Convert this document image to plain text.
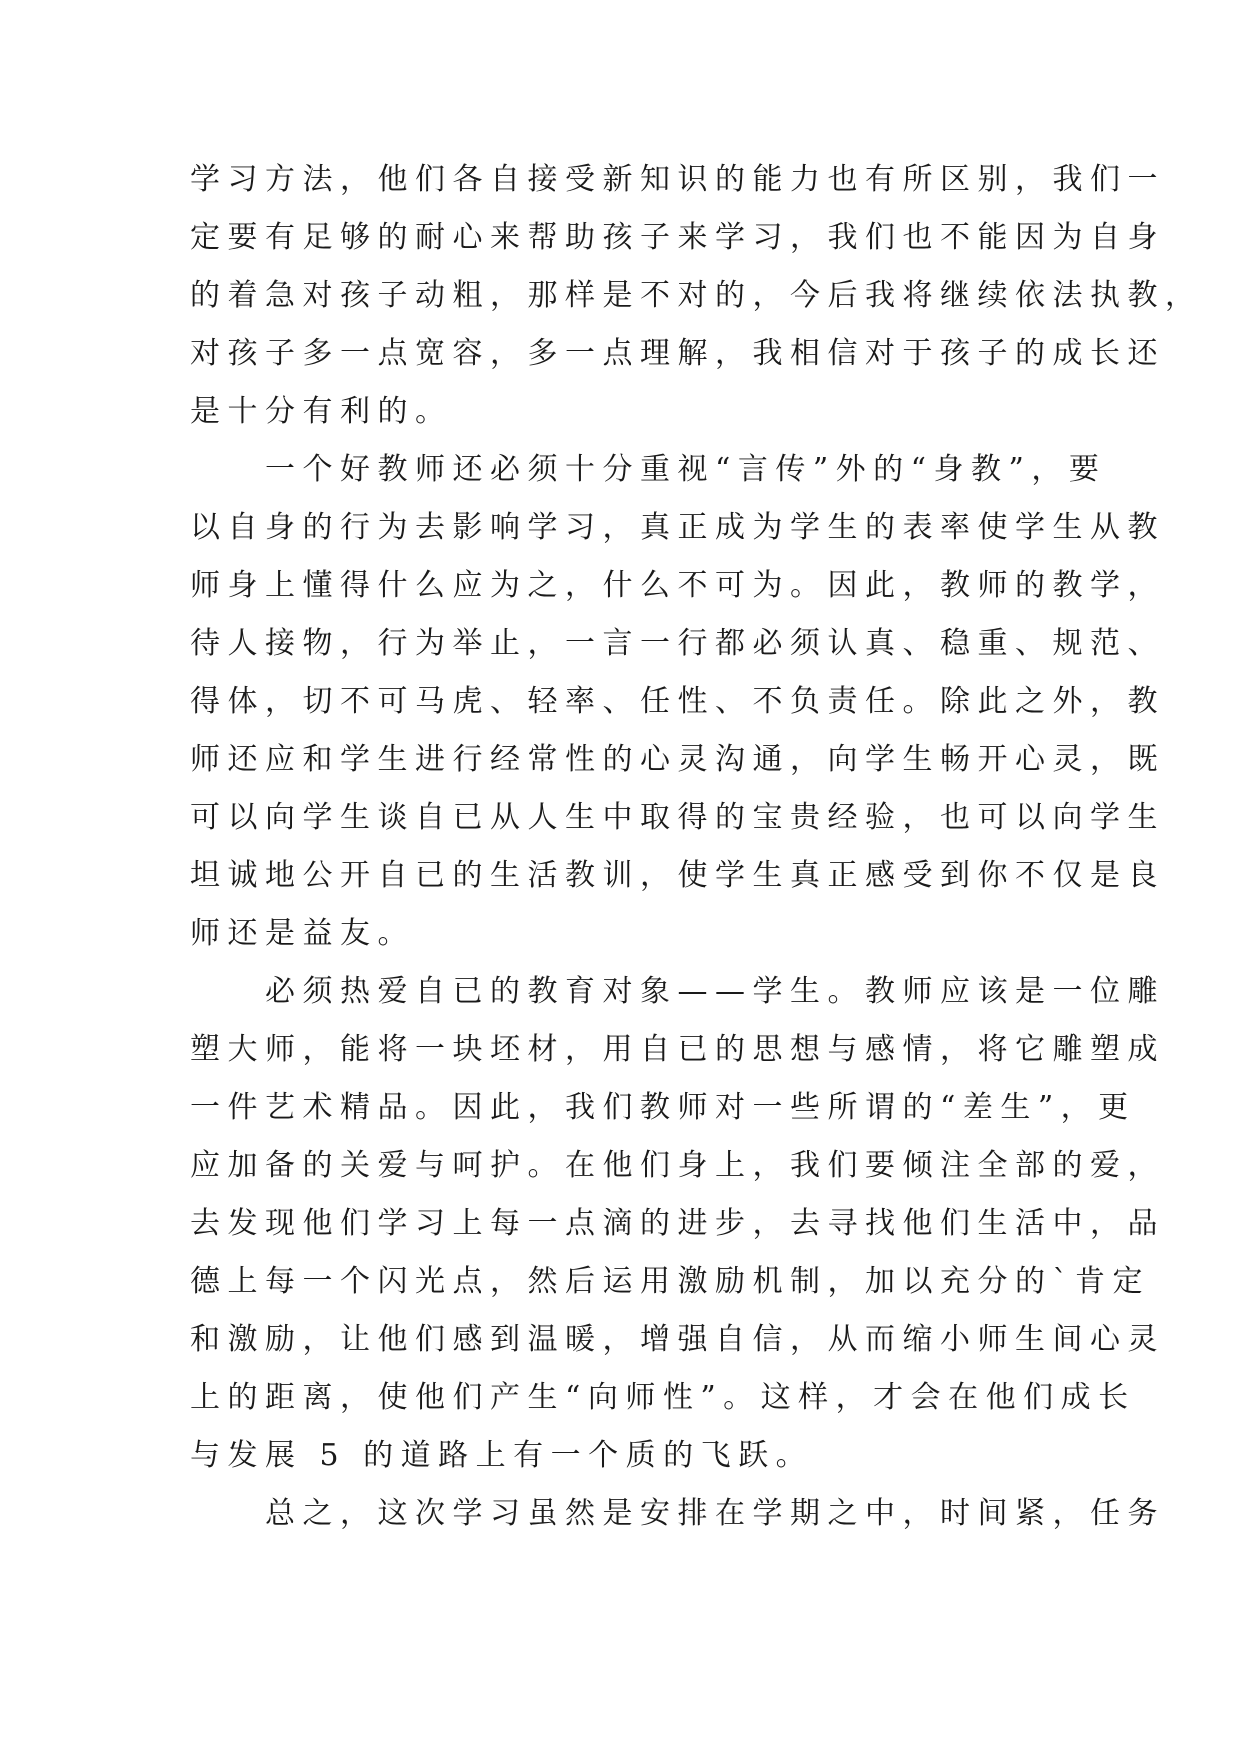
学习方法，他们各自接受新知识的能力也有所区别，我们一
定要有足够的耐心来帮助孩子来学习，我们也不能因为自身
的着急对孩子动粗，那样是不对的，今后我将继续依法执教，
对孩子多一点宽容，多一点理解，我相信对于孩子的成长还
是十分有利的。
　　一个好教师还必须十分重视“言传”外的“身教”，要
以自身的行为去影响学习，真正成为学生的表率使学生从教
师身上懂得什么应为之，什么不可为。因此，教师的教学，
待人接物，行为举止，一言一行都必须认真、稳重、规范、
得体，切不可马虎、轻率、任性、不负责任。除此之外，教
师还应和学生进行经常性的心灵沟通，向学生畅开心灵，既
可以向学生谈自已从人生中取得的宝贵经验，也可以向学生
坦诚地公开自已的生活教训，使学生真正感受到你不仅是良
师还是益友。
　　必须热爱自已的教育对象——学生。教师应该是一位雕
塑大师，能将一块坯材，用自已的思想与感情，将它雕塑成
一件艺术精品。因此，我们教师对一些所谓的“差生”，更
应加备的关爱与呵护。在他们身上，我们要倾注全部的爱，
去发现他们学习上每一点滴的进步，去寻找他们生活中，品
德上每一个闪光点，然后运用激励机制，加以充分的`肯定
和激励，让他们感到温暖，增强自信，从而缩小师生间心灵
上的距离，使他们产生“向师性”。这样，才会在他们成长
与发展 5 的道路上有一个质的飞跃。
　　总之，这次学习虽然是安排在学期之中，时间紧，任务
